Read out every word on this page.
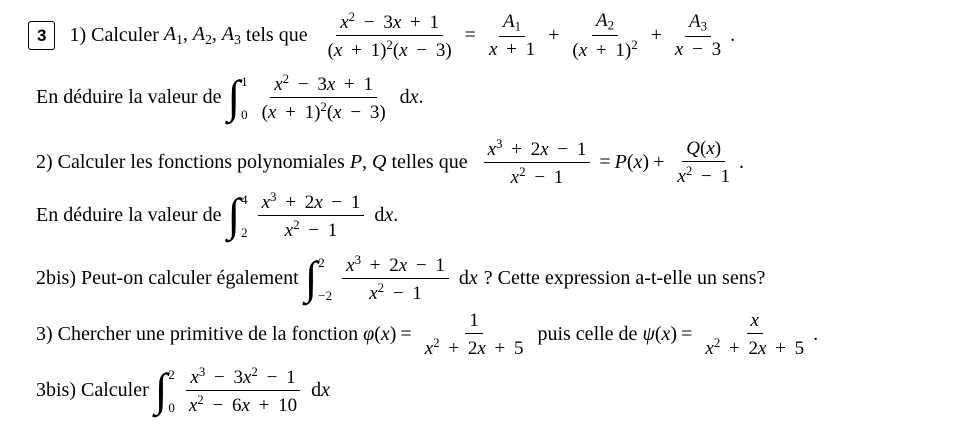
3	1) Calculer A1, A2, A3 tels que $\frac{x^2 - 3x + 1}{(x + 1)^2(x - 3)} = \frac{A1}{x + 1} + \frac{A2}{(x + 1)^2} + \frac{A3}{x - 3}$ .
En déduire la valeur de ∫ 1
$0 \frac{x^2 - 3x + 1}{(x + 1)^2(x - 3)}$ dx .
2) Calculer les fonctions polynomiales P, Q telles que $\frac{x^3 + 2x - 1}{x^2 - 1} = P(x) + \frac{Q(x)}{x^2 - 1}$ .
En déduire la valeur de ∫ 4
$2 \frac{x^3 + 2x - 1}{x^2 - 1}$ dx .
2bis) Peut-on calculer également ∫ 2
$-2 \frac{x^3 + 2x - 1}{x^2 - 1}$ dx ? Cette expression a-t-elle un sens?
3) Chercher une primitive de la fonction $\varphi(x) = \frac{1}{x^2 + 2x + 5}$ puis celle de $\psi(x) = \frac{x}{x^2 + 2x + 5}$ .
3bis) Calculer ∫ 2
$0 \frac{x^3 - 3x^2 - 1}{x^2 - 6x + 10}$ dx
